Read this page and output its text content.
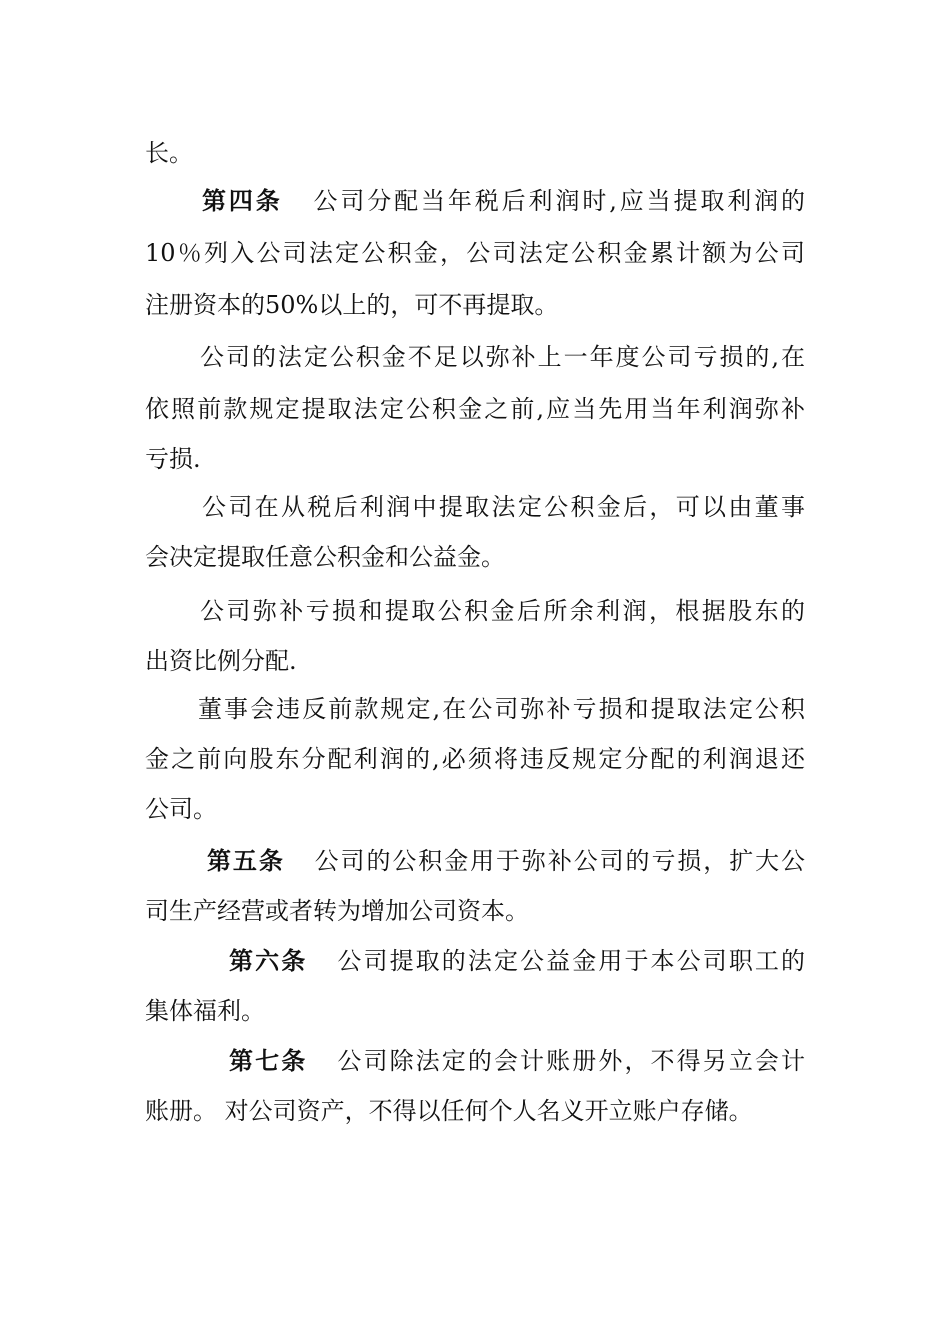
长。
第四条 公司分配当年税后利润时,应当提取利润的
10％列入公司法定公积金，公司法定公积金累计额为公司
注册资本的50%以上的，可不再提取。
公司的法定公积金不足以弥补上一年度公司亏损的,在
依照前款规定提取法定公积金之前,应当先用当年利润弥补
亏损.
公司在从税后利润中提取法定公积金后，可以由董事
会决定提取任意公积金和公益金。
公司弥补亏损和提取公积金后所余利润，根据股东的
出资比例分配.
董事会违反前款规定,在公司弥补亏损和提取法定公积
金之前向股东分配利润的,必须将违反规定分配的利润退还
公司。
第五条 公司的公积金用于弥补公司的亏损，扩大公
司生产经营或者转为增加公司资本。
第六条 公司提取的法定公益金用于本公司职工的
集体福利。
第七条 公司除法定的会计账册外，不得另立会计
账册。 对公司资产，不得以任何个人名义开立账户存储。
